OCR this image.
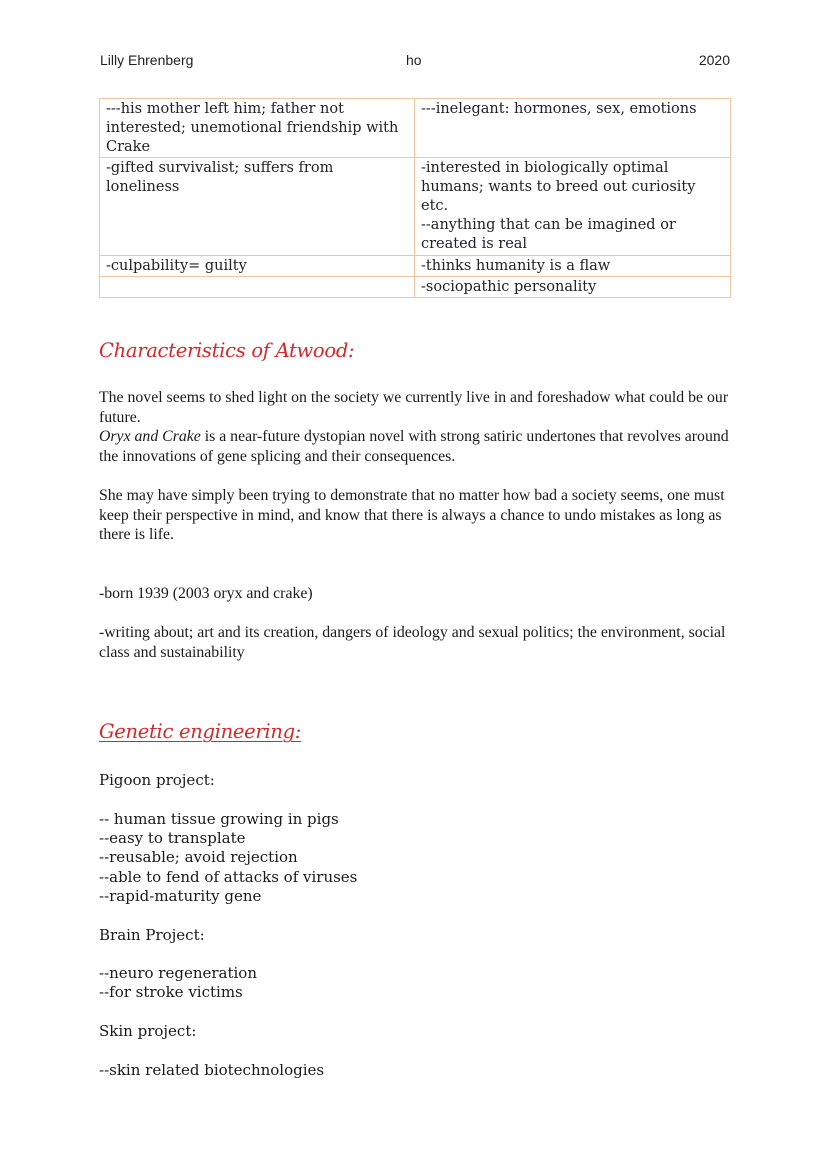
Lilly Ehrenberg	ho	2020
---his mother left him; father not interested; unemotional friendship with Crake	---inelegant: hormones, sex, emotions
-gifted survivalist; suffers from loneliness	-interested in biologically optimal humans; wants to breed out curiosity etc.
--anything that can be imagined or created is real
-culpability= guilty	-thinks humanity is a flaw
	-sociopathic personality
Characteristics of Atwood:

The novel seems to shed light on the society we currently live in and foreshadow what could be our future.

Oryx and Crake is a near-future dystopian novel with strong satiric undertones that revolves around the innovations of gene splicing and their consequences.

She may have simply been trying to demonstrate that no matter how bad a society seems, one must keep their perspective in mind, and know that there is always a chance to undo mistakes as long as there is life.

-born 1939 (2003 oryx and crake)

-writing about; art and its creation, dangers of ideology and sexual politics; the environment, social class and sustainability

Genetic engineering:

Pigoon project:

-- human tissue growing in pigs
--easy to transplate
--reusable; avoid rejection
--able to fend of attacks of viruses
--rapid-maturity gene

Brain Project:

--neuro regeneration
--for stroke victims

Skin project:

--skin related biotechnologies
